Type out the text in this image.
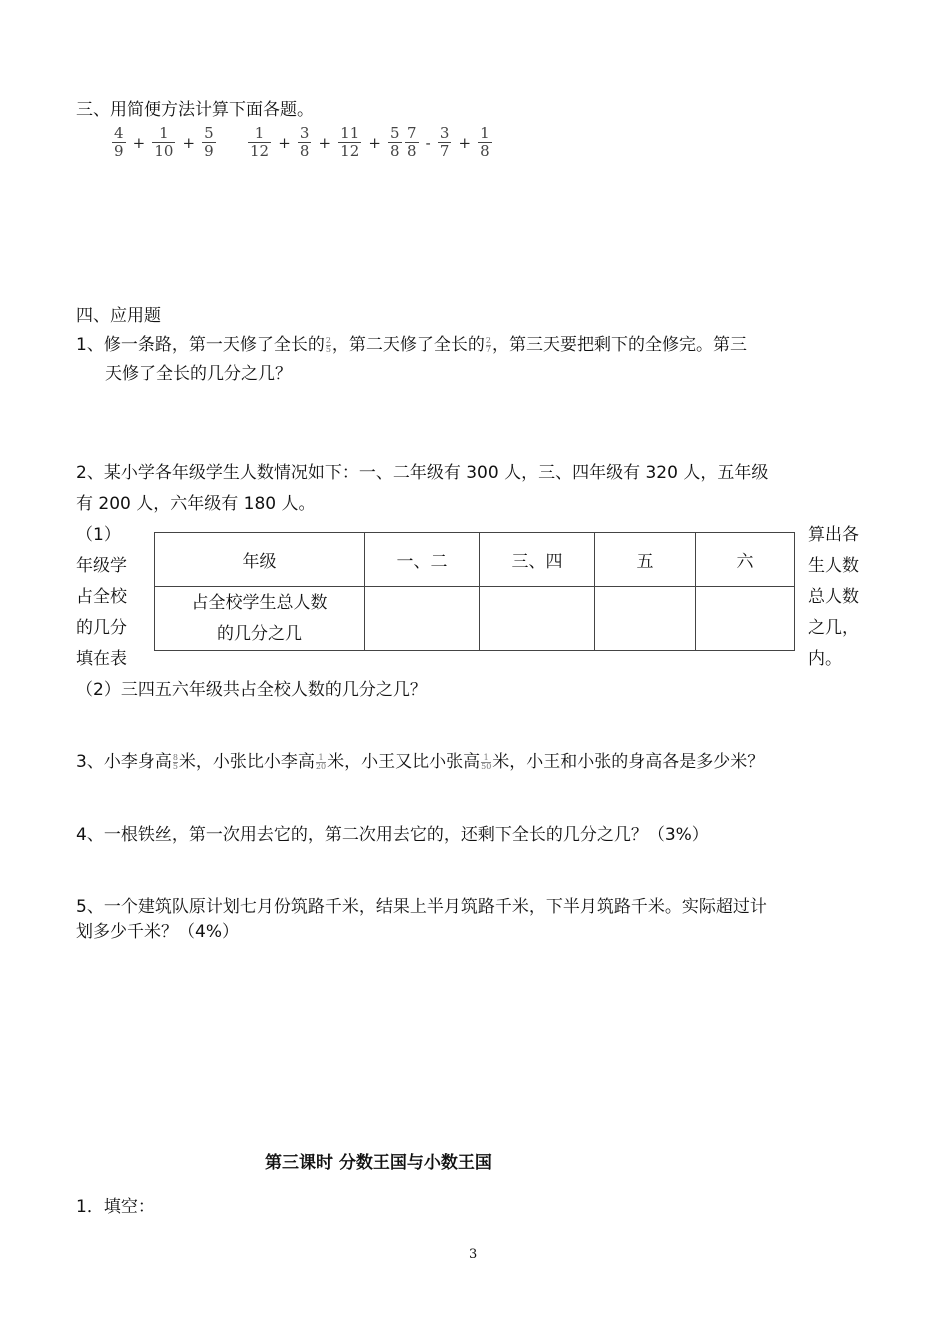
三、用简便方法计算下面各题。
$\frac{4}{9} + \frac{1}{10} + \frac{5}{9} \frac{1}{12} + \frac{3}{8} + \frac{11}{12} + \frac{5}{8} \frac{7}{8} - \frac{3}{7} + \frac{1}{8}$
四、应用题
1、修一条路，第一天修了全长的 $\frac{2}{5}$ ，第二天修了全长的 $\frac{2}{7}$ ，第三天要把剩下的全修完。第三
天修了全长的几分之几？
2、某小学各年级学生人数情况如下：一、二年级有 300 人，三、四年级有 320 人，五年级
有 200 人，六年级有 180 人。
（1）
年级学
占全校
的几分
填在表
年级	一、二	三、四	五	六

占全校学生总人数
的几分之几				

算出各
生人数
总人数
之几，
内。
（2）三四五六年级共占全校人数的几分之几？
3、小李身高 $\frac{8}{5}$ 米，小张比小李高 $\frac{1}{20}$ 米，小王又比小张高 $\frac{1}{50}$ 米，小王和小张的身高各是多少米？
4、一根铁丝，第一次用去它的，第二次用去它的，还剩下全长的几分之几？（3%）
5、一个建筑队原计划七月份筑路千米，结果上半月筑路千米，下半月筑路千米。实际超过计
划多少千米？（4%）
第三课时 分数王国与小数王国
1．填空：
3
